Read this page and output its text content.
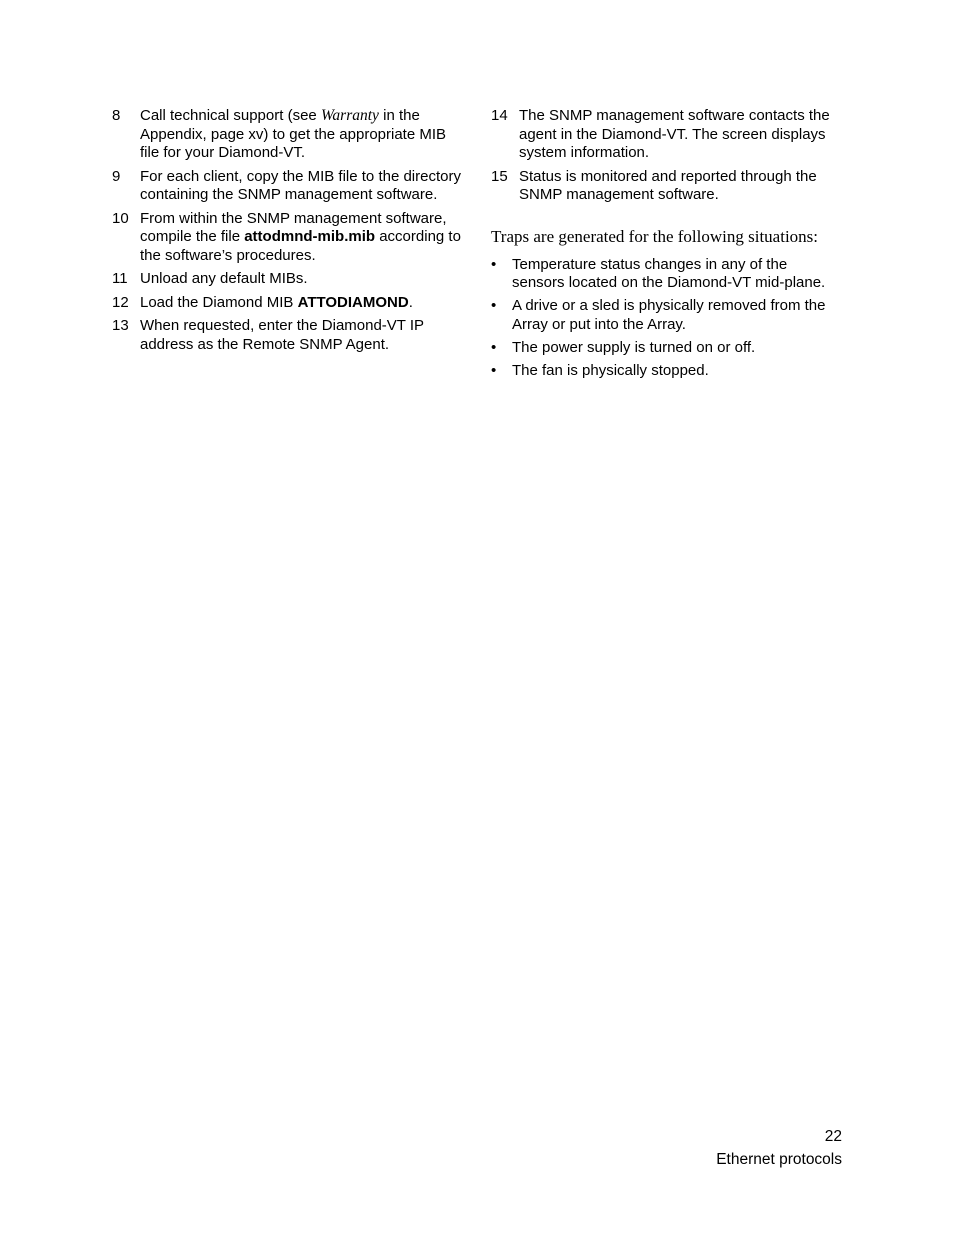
8	Call technical support (see Warranty in the Appendix, page xv) to get the appropriate MIB file for your Diamond-VT.
9	For each client, copy the MIB file to the directory containing the SNMP management software.
10 From within the SNMP management software, compile the file attodmnd-mib.mib according to the software’s procedures.
11 Unload any default MIBs.
12 Load the Diamond MIB ATTODIAMOND.
13 When requested, enter the Diamond-VT IP address as the Remote SNMP Agent.
14 The SNMP management software contacts the agent in the Diamond-VT. The screen displays system information.
15 Status is monitored and reported through the SNMP management software.
Traps are generated for the following situations:
•	Temperature status changes in any of the sensors located on the Diamond-VT mid-plane.
•	A drive or a sled is physically removed from the Array or put into the Array.
•	The power supply is turned on or off.
•	The fan is physically stopped.
22
Ethernet protocols
